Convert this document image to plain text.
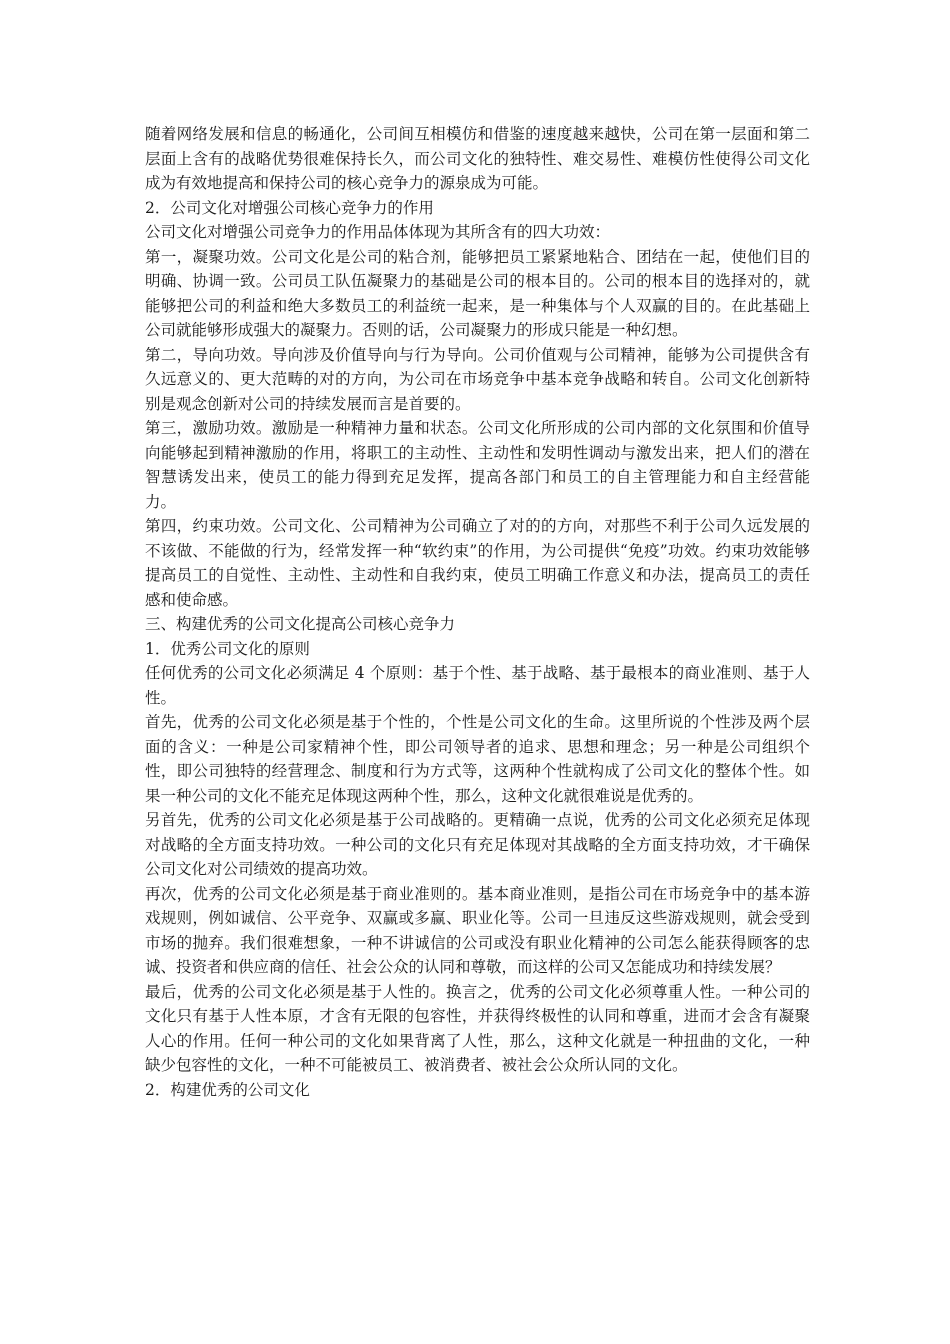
随着网络发展和信息的畅通化，公司间互相模仿和借鉴的速度越来越快，公司在第一层面和第二层面上含有的战略优势很难保持长久，而公司文化的独特性、难交易性、难模仿性使得公司文化成为有效地提高和保持公司的核心竞争力的源泉成为可能。

2．公司文化对增强公司核心竞争力的作用

公司文化对增强公司竞争力的作用品体体现为其所含有的四大功效：

第一，凝聚功效。公司文化是公司的粘合剂，能够把员工紧紧地粘合、团结在一起，使他们目的明确、协调一致。公司员工队伍凝聚力的基础是公司的根本目的。公司的根本目的选择对的，就能够把公司的利益和绝大多数员工的利益统一起来，是一种集体与个人双赢的目的。在此基础上公司就能够形成强大的凝聚力。否则的话，公司凝聚力的形成只能是一种幻想。

第二，导向功效。导向涉及价值导向与行为导向。公司价值观与公司精神，能够为公司提供含有久远意义的、更大范畴的对的方向，为公司在市场竞争中基本竞争战略和转自。公司文化创新特别是观念创新对公司的持续发展而言是首要的。

第三，激励功效。激励是一种精神力量和状态。公司文化所形成的公司内部的文化氛围和价值导向能够起到精神激励的作用，将职工的主动性、主动性和发明性调动与激发出来，把人们的潜在智慧诱发出来，使员工的能力得到充足发挥，提高各部门和员工的自主管理能力和自主经营能力。

第四，约束功效。公司文化、公司精神为公司确立了对的的方向，对那些不利于公司久远发展的不该做、不能做的行为，经常发挥一种“软约束”的作用，为公司提供“免疫”功效。约束功效能够提高员工的自觉性、主动性、主动性和自我约束，使员工明确工作意义和办法，提高员工的责任感和使命感。

三、构建优秀的公司文化提高公司核心竞争力

1．优秀公司文化的原则

任何优秀的公司文化必须满足 4 个原则：基于个性、基于战略、基于最根本的商业准则、基于人性。

首先，优秀的公司文化必须是基于个性的，个性是公司文化的生命。这里所说的个性涉及两个层面的含义：一种是公司家精神个性，即公司领导者的追求、思想和理念；另一种是公司组织个性，即公司独特的经营理念、制度和行为方式等，这两种个性就构成了公司文化的整体个性。如果一种公司的文化不能充足体现这两种个性，那么，这种文化就很难说是优秀的。

另首先，优秀的公司文化必须是基于公司战略的。更精确一点说，优秀的公司文化必须充足体现对战略的全方面支持功效。一种公司的文化只有充足体现对其战略的全方面支持功效，才干确保公司文化对公司绩效的提高功效。

再次，优秀的公司文化必须是基于商业准则的。基本商业准则，是指公司在市场竞争中的基本游戏规则，例如诚信、公平竞争、双赢或多赢、职业化等。公司一旦违反这些游戏规则，就会受到市场的抛弃。我们很难想象，一种不讲诚信的公司或没有职业化精神的公司怎么能获得顾客的忠诚、投资者和供应商的信任、社会公众的认同和尊敬，而这样的公司又怎能成功和持续发展？

最后，优秀的公司文化必须是基于人性的。换言之，优秀的公司文化必须尊重人性。一种公司的文化只有基于人性本原，才含有无限的包容性，并获得终极性的认同和尊重，进而才会含有凝聚人心的作用。任何一种公司的文化如果背离了人性，那么，这种文化就是一种扭曲的文化，一种缺少包容性的文化，一种不可能被员工、被消费者、被社会公众所认同的文化。

2．构建优秀的公司文化
